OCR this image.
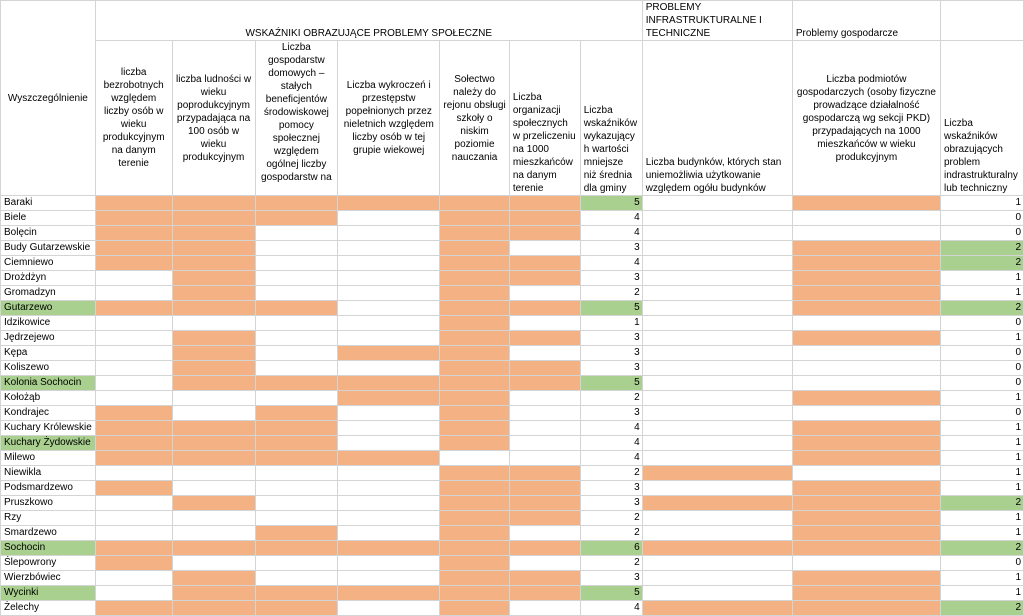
Wyszczególnienie	WSKAŹNIKI OBRAZUJĄCE PROBLEMY SPOŁECZNE							PROBLEMY INFRASTRUKTURALNE I TECHNICZNE	Problemy gospodarcze	
	liczba bezrobotnych względem liczby osób w wieku produkcyjnym na danym terenie	liczba ludności w wieku poprodukcyjnym przypadająca na 100 osób w wieku produkcyjnym	Liczba gospodarstw domowych – stałych beneficjentów środowiskowej pomocy społecznej względem ogólnej liczby gospodarstw na	Liczba wykroczeń i przestępstw popełnionych przez nieletnich względem liczby osób w tej grupie wiekowej	Sołectwo należy do rejonu obsługi szkoły o niskim poziomie nauczania	Liczba organizacji społecznych w przeliczeniu na 1000 mieszkańców na danym terenie	Liczba wskaźników wykazujący h wartości mniejsze niż średnia dla gminy	Liczba budynków, których stan uniemożliwia użytkowanie względem ogółu budynków	Liczba podmiotów gospodarczych (osoby fizyczne prowadzące działalność gospodarczą wg sekcji PKD) przypadających na 1000 mieszkańców w wieku produkcyjnym	Liczba wskaźników obrazujących problem indrastrukturalny lub techniczny
Baraki							5			1
Biele							4			0
Bolęcin							4			0
Budy Gutarzewskie							3			2
Ciemniewo							4			2
Drożdżyn							3			1
Gromadzyn							2			1
Gutarzewo							5			2
Idzikowice							1			0
Jędrzejewo							3			1
Kępa							3			0
Koliszewo							3			0
Kolonia Sochocin							5			0
Kołożąb							2			1
Kondrajec							3			0
Kuchary Królewskie							4			1
Kuchary Żydowskie							4			1
Milewo							4			1
Niewikla							2			1
Podsmardzewo							3			1
Pruszkowo							3			2
Rzy							2			1
Smardzewo							2			1
Sochocin							6			2
Ślepowrony							2			0
Wierzbówiec							3			1
Wycinki							5			1
Żelechy							4			2
